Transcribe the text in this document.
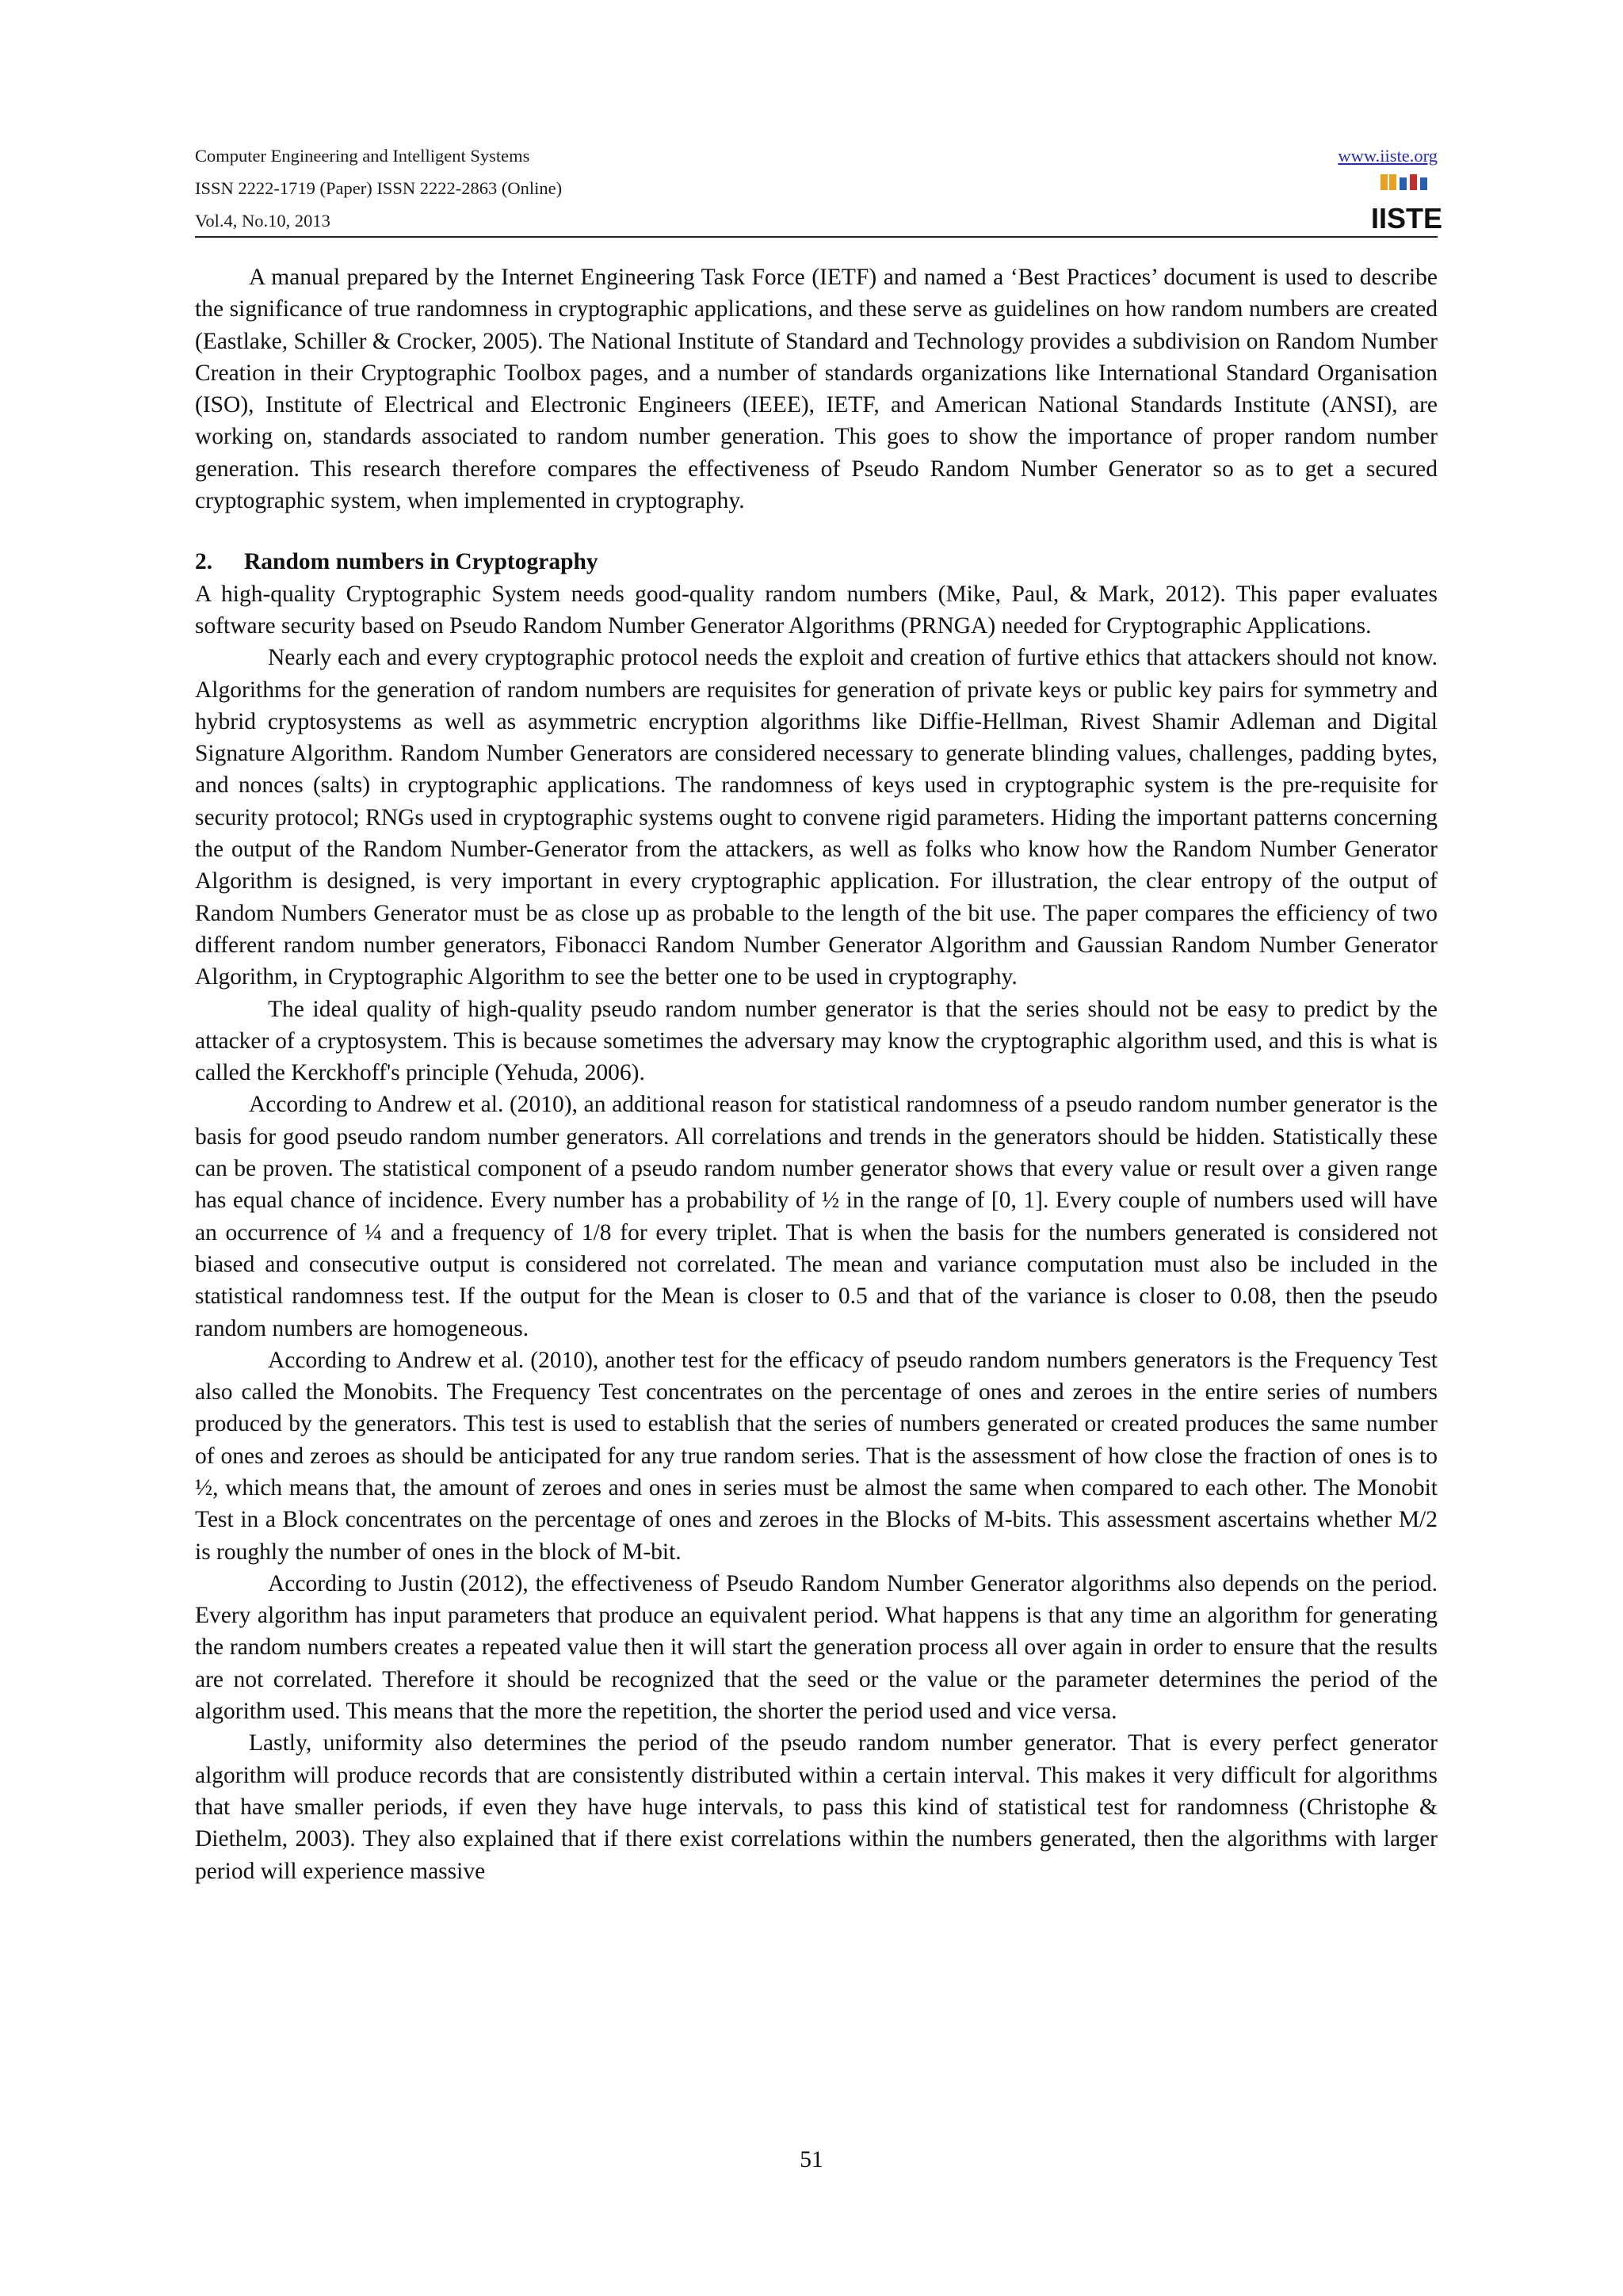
Computer Engineering and Intelligent Systems
ISSN 2222-1719 (Paper) ISSN 2222-2863 (Online)
Vol.4, No.10, 2013
www.iiste.org
IISTE

A manual prepared by the Internet Engineering Task Force (IETF) and named a ‘Best Practices’ document is used to describe the significance of true randomness in cryptographic applications, and these serve as guidelines on how random numbers are created (Eastlake, Schiller & Crocker, 2005). The National Institute of Standard and Technology provides a subdivision on Random Number Creation in their Cryptographic Toolbox pages, and a number of standards organizations like International Standard Organisation (ISO), Institute of Electrical and Electronic Engineers (IEEE), IETF, and American National Standards Institute (ANSI), are working on, standards associated to random number generation. This goes to show the importance of proper random number generation. This research therefore compares the effectiveness of Pseudo Random Number Generator so as to get a secured cryptographic system, when implemented in cryptography.

2. Random numbers in Cryptography

A high-quality Cryptographic System needs good-quality random numbers (Mike, Paul, & Mark, 2012). This paper evaluates software security based on Pseudo Random Number Generator Algorithms (PRNGA) needed for Cryptographic Applications.

Nearly each and every cryptographic protocol needs the exploit and creation of furtive ethics that attackers should not know. Algorithms for the generation of random numbers are requisites for generation of private keys or public key pairs for symmetry and hybrid cryptosystems as well as asymmetric encryption algorithms like Diffie-Hellman, Rivest Shamir Adleman and Digital Signature Algorithm. Random Number Generators are considered necessary to generate blinding values, challenges, padding bytes, and nonces (salts) in cryptographic applications. The randomness of keys used in cryptographic system is the pre-requisite for security protocol; RNGs used in cryptographic systems ought to convene rigid parameters. Hiding the important patterns concerning the output of the Random Number-Generator from the attackers, as well as folks who know how the Random Number Generator Algorithm is designed, is very important in every cryptographic application. For illustration, the clear entropy of the output of Random Numbers Generator must be as close up as probable to the length of the bit use. The paper compares the efficiency of two different random number generators, Fibonacci Random Number Generator Algorithm and Gaussian Random Number Generator Algorithm, in Cryptographic Algorithm to see the better one to be used in cryptography.

The ideal quality of high-quality pseudo random number generator is that the series should not be easy to predict by the attacker of a cryptosystem. This is because sometimes the adversary may know the cryptographic algorithm used, and this is what is called the Kerckhoff's principle (Yehuda, 2006).

According to Andrew et al. (2010), an additional reason for statistical randomness of a pseudo random number generator is the basis for good pseudo random number generators. All correlations and trends in the generators should be hidden. Statistically these can be proven. The statistical component of a pseudo random number generator shows that every value or result over a given range has equal chance of incidence. Every number has a probability of ½ in the range of [0, 1]. Every couple of numbers used will have an occurrence of ¼ and a frequency of 1/8 for every triplet. That is when the basis for the numbers generated is considered not biased and consecutive output is considered not correlated. The mean and variance computation must also be included in the statistical randomness test. If the output for the Mean is closer to 0.5 and that of the variance is closer to 0.08, then the pseudo random numbers are homogeneous.

According to Andrew et al. (2010), another test for the efficacy of pseudo random numbers generators is the Frequency Test also called the Monobits. The Frequency Test concentrates on the percentage of ones and zeroes in the entire series of numbers produced by the generators. This test is used to establish that the series of numbers generated or created produces the same number of ones and zeroes as should be anticipated for any true random series. That is the assessment of how close the fraction of ones is to ½, which means that, the amount of zeroes and ones in series must be almost the same when compared to each other. The Monobit Test in a Block concentrates on the percentage of ones and zeroes in the Blocks of M-bits. This assessment ascertains whether M/2 is roughly the number of ones in the block of M-bit.

According to Justin (2012), the effectiveness of Pseudo Random Number Generator algorithms also depends on the period. Every algorithm has input parameters that produce an equivalent period. What happens is that any time an algorithm for generating the random numbers creates a repeated value then it will start the generation process all over again in order to ensure that the results are not correlated. Therefore it should be recognized that the seed or the value or the parameter determines the period of the algorithm used. This means that the more the repetition, the shorter the period used and vice versa.

Lastly, uniformity also determines the period of the pseudo random number generator. That is every perfect generator algorithm will produce records that are consistently distributed within a certain interval. This makes it very difficult for algorithms that have smaller periods, if even they have huge intervals, to pass this kind of statistical test for randomness (Christophe & Diethelm, 2003). They also explained that if there exist correlations within the numbers generated, then the algorithms with larger period will experience massive

51
